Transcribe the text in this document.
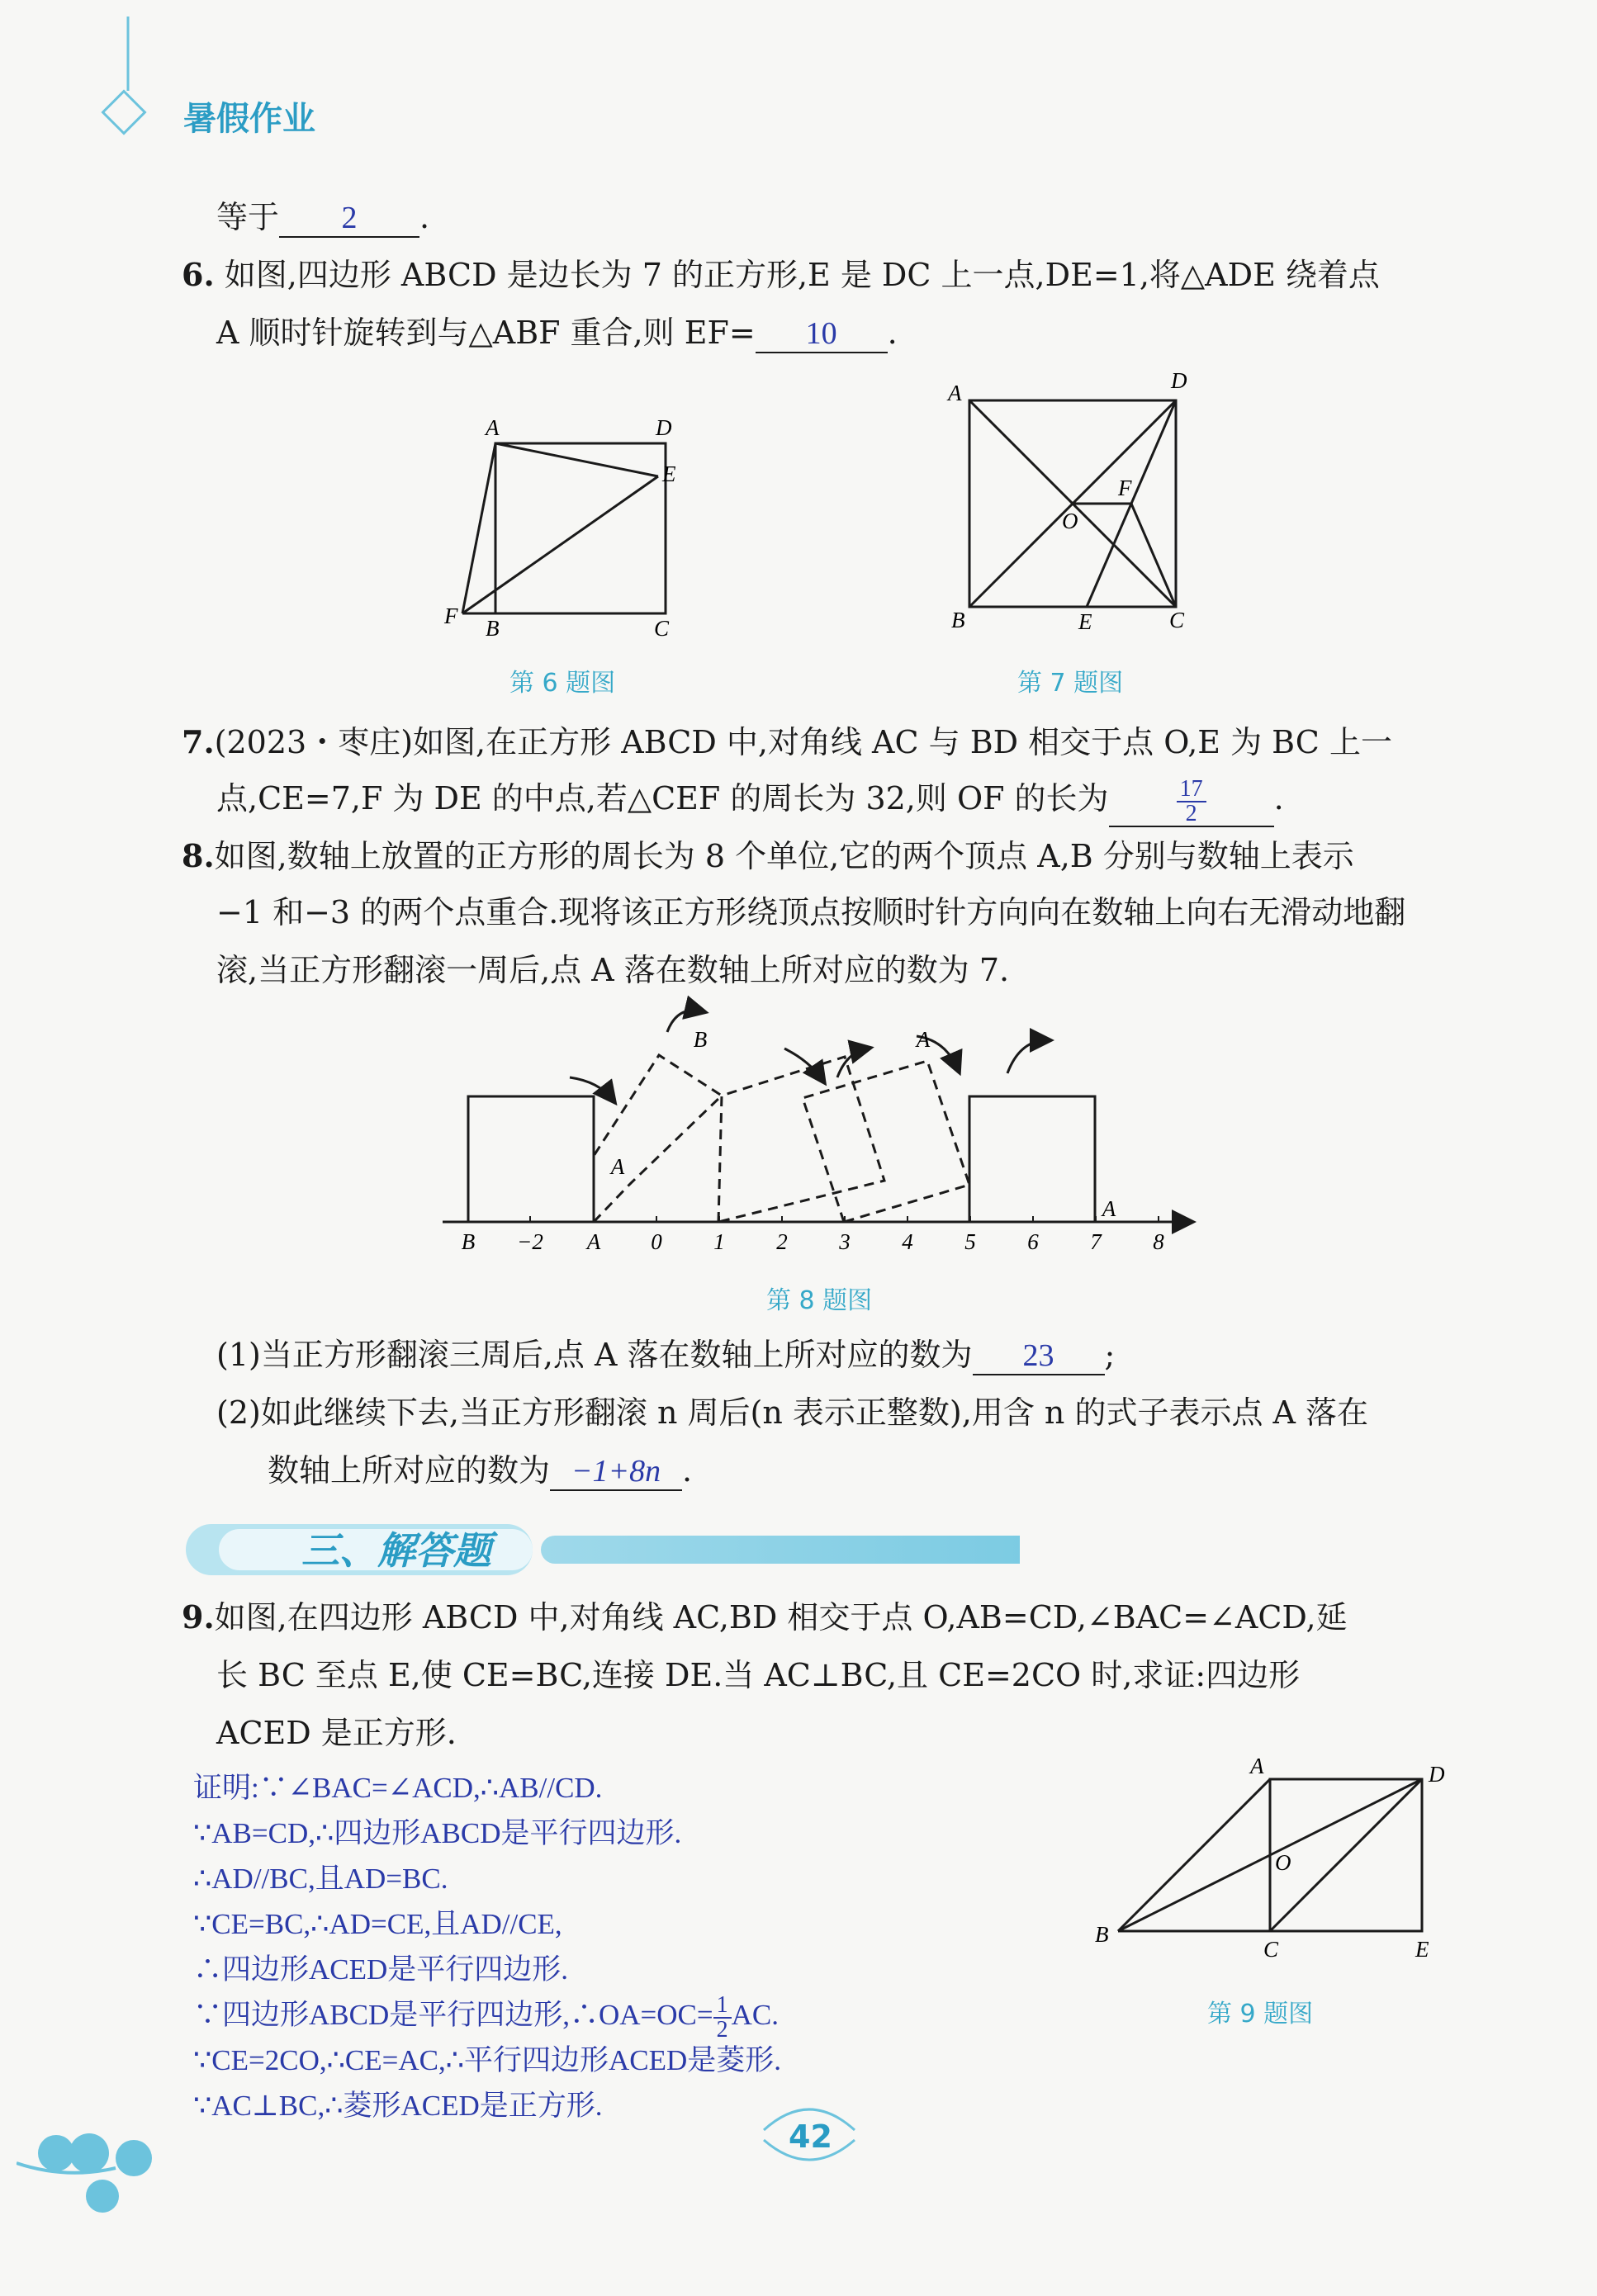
暑假作业
等于 2 .
6. 如图,四边形 ABCD 是边长为 7 的正方形,E 是 DC 上一点,DE=1,将△ADE 绕着点
A 顺时针旋转到与△ABF 重合,则 EF= 10 .
A	D
E
F B	C
第 6 题图
A	D
F
O
B	E	C
第 7 题图
7.(2023・枣庄)如图,在正方形 ABCD 中,对角线 AC 与 BD 相交于点 O,E 为 BC 上一
点,CE=7,F 为 DE 的中点,若△CEF 的周长为 32,则 OF 的长为	$\frac{17}{2}$ .
8.如图,数轴上放置的正方形的周长为 8 个单位,它的两个顶点 A,B 分别与数轴上表示
−1 和−3 的两个点重合.现将该正方形绕顶点按顺时针方向向在数轴上向右无滑动地翻
滚,当正方形翻滚一周后,点 A 落在数轴上所对应的数为 7.
B −2 A 0 1 2 3 4 5 6 7 8
B
A
A
A
第 8 题图
(1)当正方形翻滚三周后,点 A 落在数轴上所对应的数为 23 ;
(2)如此继续下去,当正方形翻滚 n 周后(n 表示正整数),用含 n 的式子表示点 A 落在
数轴上所对应的数为 −1+8n .
三、解答题
9.如图,在四边形 ABCD 中,对角线 AC,BD 相交于点 O,AB=CD,∠BAC=∠ACD,延
长 BC 至点 E,使 CE=BC,连接 DE.当 AC⊥BC,且 CE=2CO 时,求证:四边形
ACED 是正方形.
证明:∵∠BAC=∠ACD,∴AB//CD.
∵AB=CD,∴四边形ABCD是平行四边形.
∴AD//BC,且AD=BC.
∵CE=BC,∴AD=CE,且AD//CE,
∴四边形ACED是平行四边形.
∵四边形ABCD是平行四边形,∴OA=OC= $\frac{1}{2}$ AC.
∵CE=2CO,∴CE=AC,∴平行四边形ACED是菱形.
∵AC⊥BC,∴菱形ACED是正方形.
A	D
O
B
C	E
第 9 题图
42
